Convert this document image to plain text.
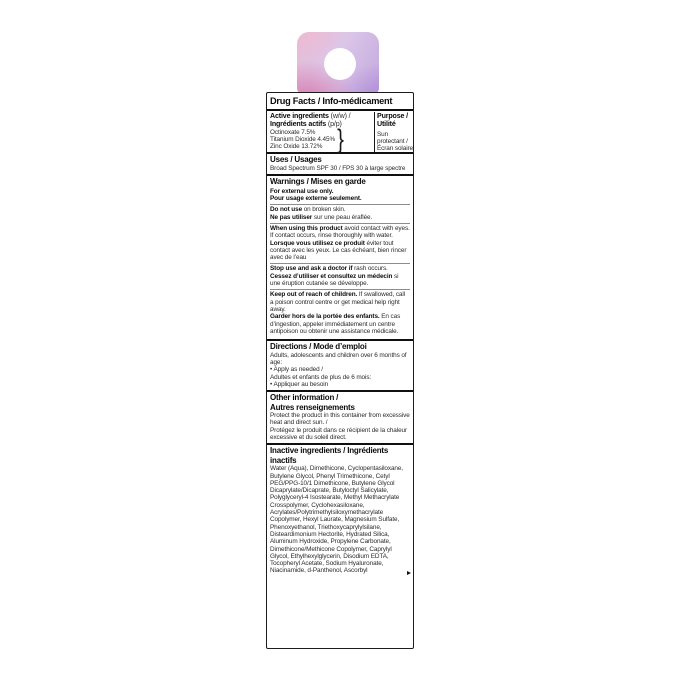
Drug Facts / Info-médicament
Active ingredients (w/w) /
Ingrédients actifs (p/p)
Octinoxate 7.5%
Titanium Dioxide 4.45%
Zinc Oxide 13.72% }
Purpose /
Utilité
Sun
protectant /
Écran solaire
Uses / Usages
Broad Spectrum SPF 30 / FPS 30 à large spectre
Warnings / Mises en garde

For external use only.

Pour usage externe seulement.

Do not use on broken skin.

Ne pas utiliser sur une peau éraflée.

When using this product avoid contact with eyes. If contact occurs, rinse thoroughly with water.

Lorsque vous utilisez ce produit éviter tout contact avec les yeux. Le cas échéant, bien rincer avec de l’eau

Stop use and ask a doctor if rash occurs.

Cessez d’utiliser et consultez un médecin si une éruption cutanée se développe.

Keep out of reach of children. If swallowed, call a poison control centre or get medical help right away.

Garder hors de la portée des enfants. En cas d’ingestion, appeler immédiatement un centre antipoison ou obtenir une assistance médicale.

Directions / Mode d’emploi
Adults, adolescents and children over 6 months of age:
• Apply as needed /
Adultes et enfants de plus de 6 mois:
• Appliquer au besoin
Other information /
Autres renseignements
Protect the product in this container from excessive heat and direct sun. /
Protégez le produit dans ce récipient de la chaleur excessive et du soleil direct.
Inactive ingredients / Ingrédients inactifs
Water (Aqua), Dimethicone, Cyclopentasiloxane, Butylene Glycol, Phenyl Trimethicone, Cetyl PEG/PPG-10/1 Dimethicone, Butylene Glycol Dicaprylate/Dicaprate, Butyloctyl Salicylate, Polyglyceryl-4 Isostearate, Methyl Methacrylate Crosspolymer, Cyclohexasiloxane, Acrylates/Polytrimethylsiloxymethacrylate Copolymer, Hexyl Laurate, Magnesium Sulfate, Phenoxyethanol, Triethoxycaprylylsilane, Disteardimonium Hectorite, Hydrated Silica, Aluminum Hydroxide, Propylene Carbonate, Dimethicone/Methicone Copolymer, Caprylyl Glycol, Ethylhexylglycerin, Disodium EDTA, Tocopheryl Acetate, Sodium Hyaluronate, Niacinamide, d-Panthenol, Ascorbyl
